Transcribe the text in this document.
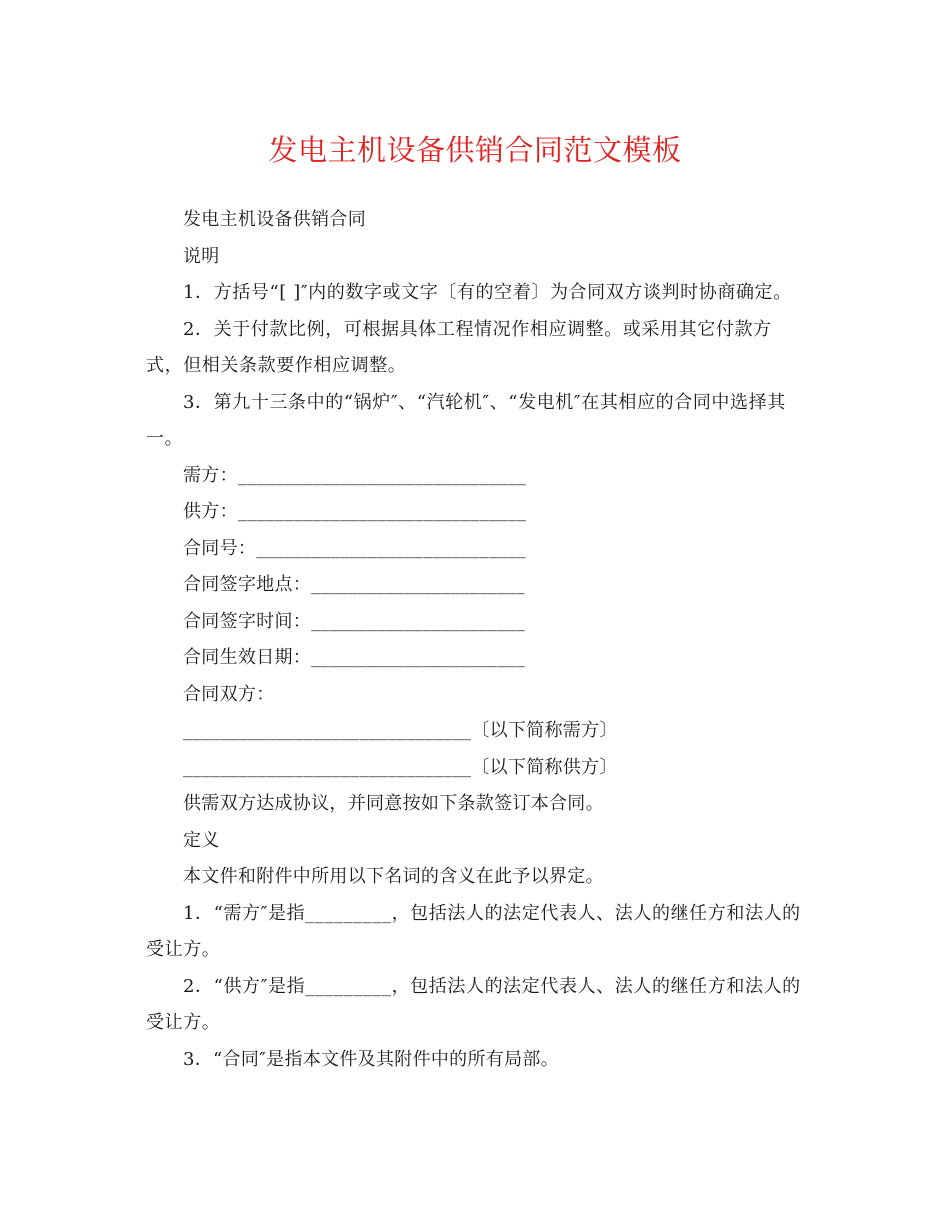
发电主机设备供销合同范文模板

发电主机设备供销合同

说明

1．方括号“[ ]″内的数字或文字〔有的空着〕为合同双方谈判时协商确定。

2．关于付款比例，可根据具体工程情况作相应调整。或采用其它付款方式，但相关条款要作相应调整。

3．第九十三条中的“锅炉″、“汽轮机″、“发电机″在其相应的合同中选择其一。

需方：_______________________________

供方：_______________________________

合同号：_____________________________

合同签字地点：_______________________

合同签字时间：_______________________

合同生效日期：_______________________

合同双方：

_______________________________〔以下简称需方〕

_______________________________〔以下简称供方〕

供需双方达成协议，并同意按如下条款签订本合同。

定义

本文件和附件中所用以下名词的含义在此予以界定。

1．“需方″是指_________，包括法人的法定代表人、法人的继任方和法人的受让方。

2．“供方″是指_________，包括法人的法定代表人、法人的继任方和法人的受让方。

3．“合同″是指本文件及其附件中的所有局部。
